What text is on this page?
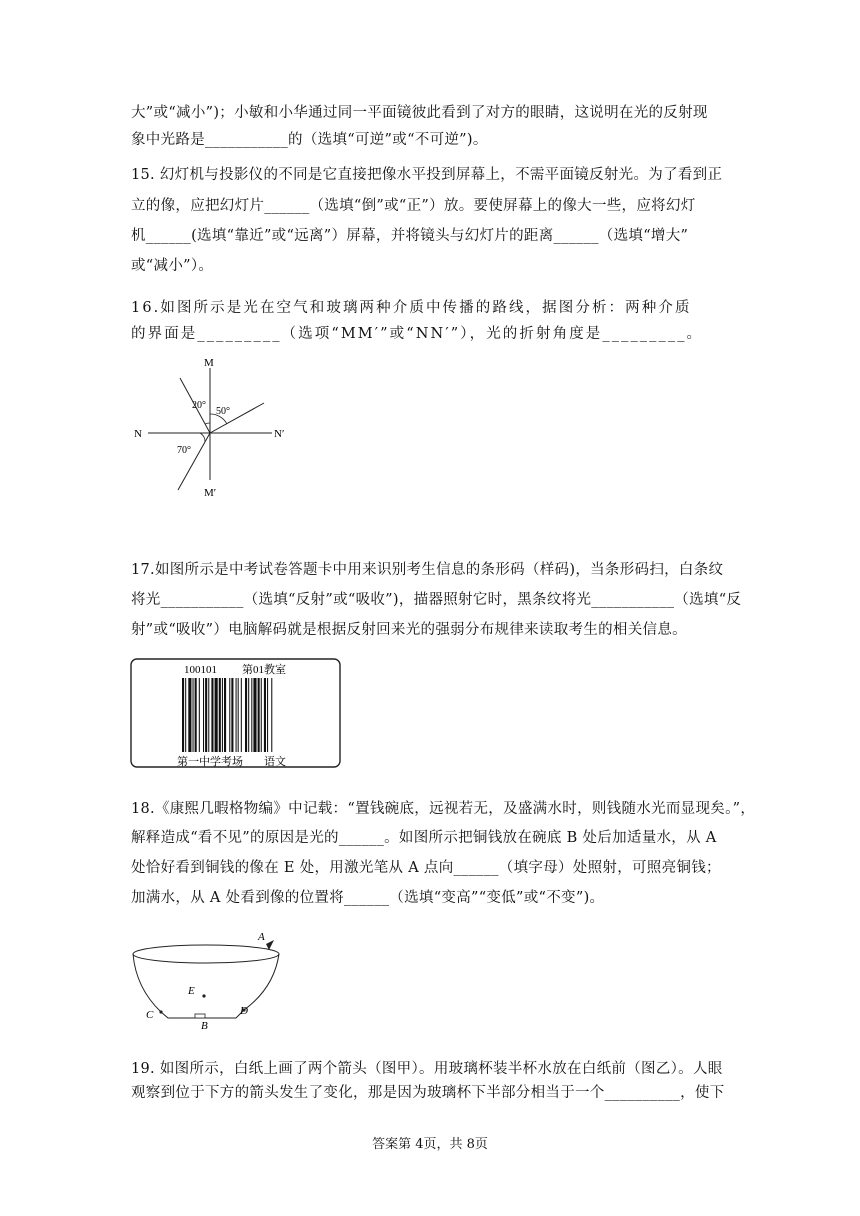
大”或“减小”)；小敏和小华通过同一平面镜彼此看到了对方的眼睛，这说明在光的反射现
象中光路是___________的（选填“可逆”或“不可逆”)。
15. 幻灯机与投影仪的不同是它直接把像水平投到屏幕上，不需平面镜反射光。为了看到正
立的像，应把幻灯片______（选填“倒”或“正”）放。要使屏幕上的像大一些，应将幻灯
机______(选填“靠近”或“远离”）屏幕，并将镜头与幻灯片的距离______（选填“增大”
或“减小”）。
16.如图所示是光在空气和玻璃两种介质中传播的路线，据图分析：两种介质
的界面是_________（选项“MM′”或“NN′”），光的折射角度是_________。
M
M′
N	N′
20°
50°
70°
17.如图所示是中考试卷答题卡中用来识别考生信息的条形码（样码)，当条形码扫，白条纹
将光___________（选填“反射”或“吸收”)，描器照射它时，黑条纹将光___________（选填“反
射”或“吸收”）电脑解码就是根据反射回来光的强弱分布规律来读取考生的相关信息。
100101 第01教室
第一中学考场 语文
18.《康熙几暇格物编》中记载：“置钱碗底，远视若无，及盛满水时，则钱随水光而显现矣。”，
解释造成“看不见”的原因是光的______。如图所示把铜钱放在碗底 B 处后加适量水，从 A
处恰好看到铜钱的像在 E 处，用激光笔从 A 点向______（填字母）处照射，可照亮铜钱；
加满水，从 A 处看到像的位置将______（选填“变高”“变低”或“不变”)。
A
E
C	D
B
19. 如图所示，白纸上画了两个箭头（图甲）。用玻璃杯装半杯水放在白纸前（图乙）。人眼
观察到位于下方的箭头发生了变化，那是因为玻璃杯下半部分相当于一个__________，使下
答案第 4页，共 8页
